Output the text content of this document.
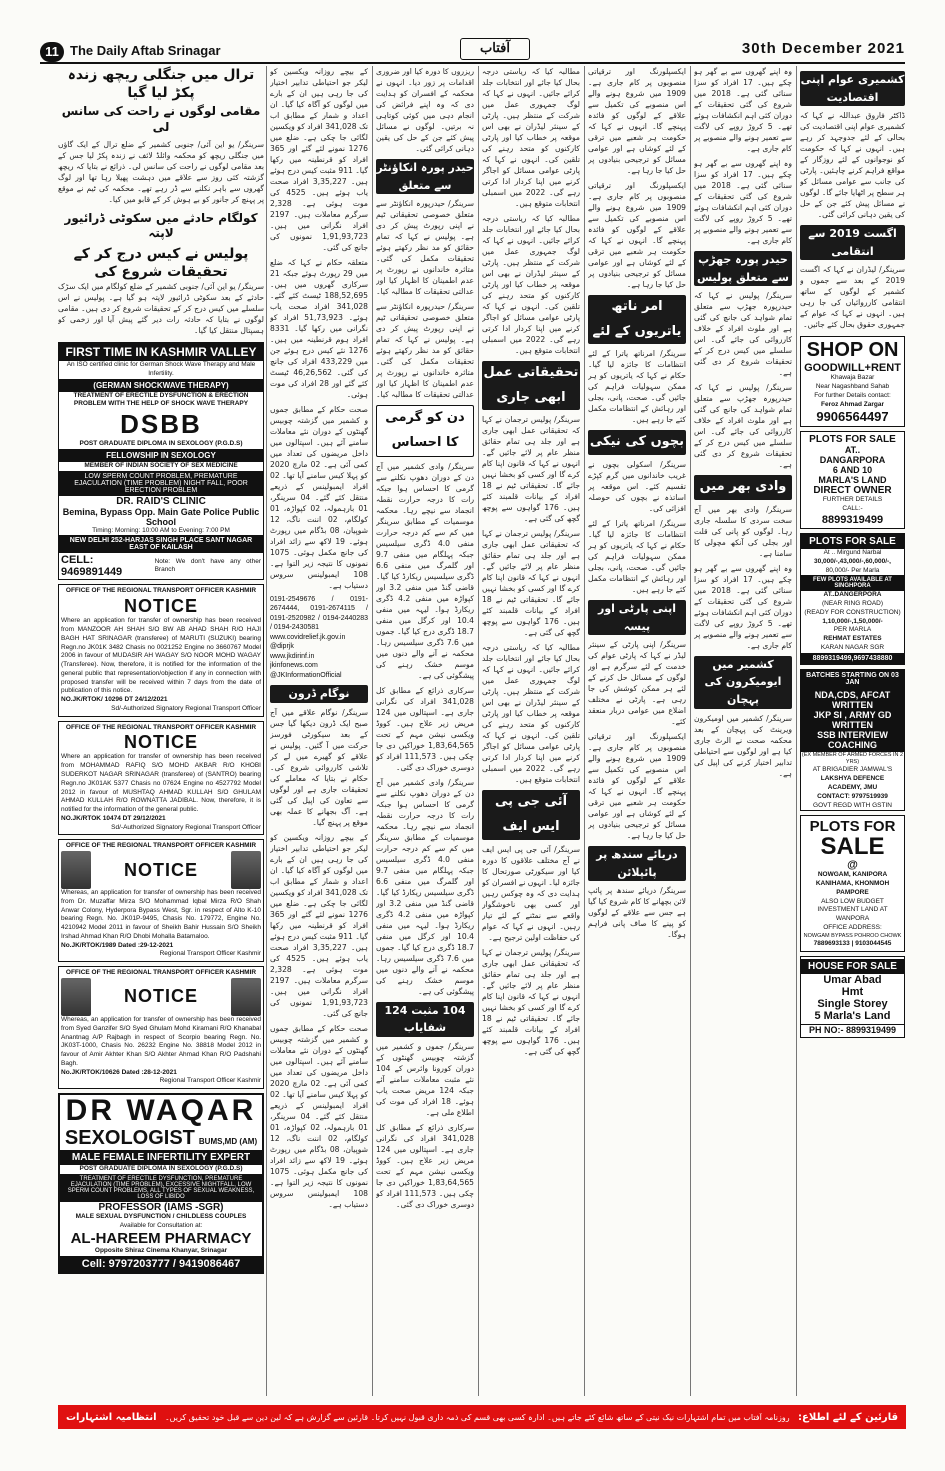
11 The Daily Aftab Srinagar	آفتاب	30th December 2021
ترال میں جنگلی ریچھ زندہ پکڑ لیا گیا
مقامی لوگوں نے راحت کی سانس لی
سرینگر/ یو این آئی/ جنوبی کشمیر کے ضلع ترال کے ایک گاؤں میں جنگلی ریچھ کو محکمہ وائلڈ لائف نے زندہ پکڑ لیا جس کے بعد مقامی لوگوں نے راحت کی سانس لی۔ ذرائع نے بتایا کہ ریچھ گزشتہ کئی روز سے علاقے میں دہشت پھیلا رہا تھا اور لوگ گھروں سے باہر نکلنے سے ڈر رہے تھے۔ محکمہ کی ٹیم نے موقع پر پہنچ کر جانور کو بے ہوش کر کے قابو میں کیا۔
کولگام حادثے میں سکوٹی ڈرائیور لاپتہ
پولیس نے کیس درج کر کے تحقیقات شروع کی
سرینگر/ یو این آئی/ جنوبی کشمیر کے ضلع کولگام میں ایک سڑک حادثے کے بعد سکوٹی ڈرائیور لاپتہ ہو گیا ہے۔ پولیس نے اس سلسلے میں کیس درج کر کے تحقیقات شروع کر دی ہیں۔ مقامی لوگوں نے بتایا کہ حادثہ رات دیر گئے پیش آیا اور زخمی کو ہسپتال منتقل کیا گیا۔
FIRST TIME IN KASHMIR VALLEY
An ISO certified clinic for German Shock Wave Therapy and Male Infertility.
(GERMAN SHOCKWAVE THERAPY)
TREATMENT OF ERECTILE DYSFUNCTION & ERECTION PROBLEM WITH THE HELP OF SHOCK WAVE THERAPY
DSBB
POST GRADUATE DIPLOMA IN SEXOLOGY (P.G.D.S)
FELLOWSHIP IN SEXOLOGY
MEMBER OF INDIAN SOCIETY OF SEX MEDICINE
LOW SPERM COUNT PROBLEM, PREMATURE EJACULATION (TIME PROBLEM) NIGHT FALL, POOR ERECTION PROBLEM
DR. RAID'S CLINIC
Bemina, Bypass Opp. Main Gate Police Public School
Timing: Morning: 10:00 AM to Evening: 7:00 PM
NEW DELHI 252-HARJAS SINGH PLACE SANT NAGAR EAST OF KAILASH
CELL: 9469891449
Note: We don't have any other Branch
OFFICE OF THE REGIONAL TRANSPORT OFFICER KASHMIR
NOTICE
Where an application for transfer of ownership has been received from MANZOOR AH SHAH S/O BW AB AHAD SHAH R/O HAJI BAGH HAT SRINAGAR (transferee) of MARUTI (SUZUKI) bearing Regn.no JK01K 3482 Chasis no 0021252 Engine no 3660767 Model 2006 in favour of MUDASIR AH WAGAY S/O NOOR MOHD WAGAY (Transferee). Now, therefore, it is notified for the information of the general public that representation/objection if any in connection with proposed transfer will be received within 7 days from the date of publication of this notice.
NO.JK/RTOK/ 10296 DT 24/12/2021
Sd/-Authorized Signatory Regional Transport Officer
OFFICE OF THE REGIONAL TRANSPORT OFFICER KASHMIR
NOTICE
Where an application for transfer of ownership has been received from MOHAMMAD RAFIQ S/O MOHD AKBAR R/O KHOBI SUDERKOT NAGAR SRINAGAR (transferee) of (SANTRO) bearing Regn.no JK01AK 5377 Chasis no 07624 Engine no 4527792 Model 2012 in favour of MUSHTAQ AHMAD KULLAH S/O GHULAM AHMAD KULLAH R/O ROWNATTA JADIBAL. Now, therefore, it is notified for the information of the general public.
NO.JK/RTOK 10474 DT 29/12/2021
Sd/-Authorized Signatory Regional Transport Officer
OFFICE OF THE REGIONAL TRANSPORT OFFICER KASHMIR
NOTICE
Whereas, an application for transfer of ownership has been received from Dr. Muzaffar Mirza S/O Mohammad Iqbal Mirza R/O Shah Anwar Colony, Hyderpora Bypass West, Sgr. in respect of Alto K-10 bearing Regn. No. JK01P-9495, Chasis No. 179772, Engine No. 4210942 Model 2011 in favour of Sheikh Bahir Hussain S/O Sheikh Irshad Ahmad Khan R/O Dhobi Mohalla Batamaloo.
No.JK/RTOK/1989 Dated :29-12-2021
Regional Transport Officer Kashmir
OFFICE OF THE REGIONAL TRANSPORT OFFICER KASHMIR
NOTICE
Whereas, an application for transfer of ownership has been received from Syed Ganzifer S/O Syed Ghulam Mohd Kiramani R/O Khanabal Anantnag A/P Rajbagh in respect of Scorpio bearing Regn. No. JK03T-1000, Chasis No. 26232 Engine No. 38818 Model 2012 in favour of Amir Akhter Khan S/O Akhter Ahmad Khan R/O Padshahi Bagh.
No.JK/RTOK/10626 Dated :28-12-2021
Regional Transport Officer Kashmir
DR WAQAR
SEXOLOGIST BUMS,MD (AM)
MALE FEMALE INFERTILITY EXPERT
POST GRADUATE DIPLOMA IN SEXOLOGY (P.G.D.S)
TREATMENT OF ERECTILE DYSFUNCTION, PREMATURE EJACULATION (TIME PROBLEM), EXCESSIVE NIGHTFALL, LOW SPERM COUNT PROBLEMS, ALL TYPES OF SEXUAL WEAKNESS, LOSS OF LIBIDO
PROFESSOR (IAMS -SGR)
MALE SEXUAL DYSFUNCTION / CHILDLESS COUPLES
Available for Consultation at:
AL-HAREEM PHARMACY
Opposite Shiraz Cinema Khanyar, Srinagar
Cell: 9797203777 / 9419086467
کے بیچے روزانہ ویکسین کو لیکر جو احتیاطی تدابیر اختیار کی جا رہی ہیں ان کے بارے میں لوگوں کو آگاہ کیا گیا۔ ان اعداد و شمار کے مطابق اب تک 341,028 افراد کو ویکسین لگائی جا چکی ہے۔ ضلع میں 1276 نمونے لئے گئے اور 365 افراد کو قرنطینہ میں رکھا گیا۔ 911 مثبت کیس درج ہوئے ہیں۔ 3,35,227 افراد صحت یاب ہوئے ہیں۔ 4525 کی موت ہوئی ہے۔ 2,328 سرگرم معاملات ہیں۔ 2197 افراد نگرانی میں ہیں۔ 1,91,93,723 نمونوں کی جانچ کی گئی۔
متعلقہ حکام نے کہا کہ ضلع میں 29 رپورٹ ہوئے جبکہ 21 سرکاری گھروں میں ہیں۔ 188,52,695 ٹیسٹ کئے گئے۔ 341,028 افراد صحت یاب ہوئے۔ 51,73,923 افراد کو نگرانی میں رکھا گیا۔ 8331 افراد ہوم قرنطینہ میں ہیں۔ 1276 نئے کیس درج ہوئے جن میں 433,229 افراد کی جانچ کی گئی۔ 46,26,562 ٹیسٹ کئے گئے اور 28 افراد کی موت ہوئی۔
صحت حکام کے مطابق جموں و کشمیر میں گزشتہ چوبیس گھنٹوں کے دوران نئے معاملات سامنے آئے ہیں۔ اسپتالوں میں داخل مریضوں کی تعداد میں کمی آئی ہے۔ 02 مارچ 2020 کو پہلا کیس سامنے آیا تھا۔ 02 افراد ایمبولینس کے ذریعے منتقل کئے گئے۔ 04 سرینگر، 01 بارہمولہ، 02 کپواڑہ، 01 کولگام، 02 اننت ناگ، 12 شوپیان، 08 بڈگام میں رپورٹ ہوئے۔ 19 لاکھ سے زائد افراد کی جانچ مکمل ہوئی۔ 1075 نمونوں کا نتیجہ زیر التوا ہے۔ 108 ایمبولینس سروس دستیاب ہے۔
0191-2549676 / 0191-2674444, 0191-2674115 / 0191-2520982 / 0194-2440283 / 0194-2430581
www.covidrelief.jk.gov.in
@diprjk
www.jkdirinf.in
jkinfonews.com
@JKInformationOfficial
نوگام ڈرون
سرینگر/ نوگام علاقے میں آج صبح ایک ڈرون دیکھا گیا جس کے بعد سیکورٹی فورسز حرکت میں آ گئیں۔ پولیس نے علاقے کو گھیرے میں لے کر تلاشی کارروائی شروع کی۔ حکام نے بتایا کہ معاملے کی تحقیقات جاری ہے اور لوگوں سے تعاون کی اپیل کی گئی ہے۔ آگ بجھانے کا عملہ بھی موقع پر پہنچ گیا۔
کے بیچے روزانہ ویکسین کو لیکر جو احتیاطی تدابیر اختیار کی جا رہی ہیں ان کے بارے میں لوگوں کو آگاہ کیا گیا۔ ان اعداد و شمار کے مطابق اب تک 341,028 افراد کو ویکسین لگائی جا چکی ہے۔ ضلع میں 1276 نمونے لئے گئے اور 365 افراد کو قرنطینہ میں رکھا گیا۔ 911 مثبت کیس درج ہوئے ہیں۔ 3,35,227 افراد صحت یاب ہوئے ہیں۔ 4525 کی موت ہوئی ہے۔ 2,328 سرگرم معاملات ہیں۔ 2197 افراد نگرانی میں ہیں۔ 1,91,93,723 نمونوں کی جانچ کی گئی۔
صحت حکام کے مطابق جموں و کشمیر میں گزشتہ چوبیس گھنٹوں کے دوران نئے معاملات سامنے آئے ہیں۔ اسپتالوں میں داخل مریضوں کی تعداد میں کمی آئی ہے۔ 02 مارچ 2020 کو پہلا کیس سامنے آیا تھا۔ 02 افراد ایمبولینس کے ذریعے منتقل کئے گئے۔ 04 سرینگر، 01 بارہمولہ، 02 کپواڑہ، 01 کولگام، 02 اننت ناگ، 12 شوپیان، 08 بڈگام میں رپورٹ ہوئے۔ 19 لاکھ سے زائد افراد کی جانچ مکمل ہوئی۔ 1075 نمونوں کا نتیجہ زیر التوا ہے۔ 108 ایمبولینس سروس دستیاب ہے۔
ریزروں کا دورہ کیا اور ضروری اقدامات پر زور دیا۔ انہوں نے محکمہ کے افسران کو ہدایت دی کہ وہ اپنے فرائض کی انجام دہی میں کوئی کوتاہی نہ برتیں۔ لوگوں نے مسائل پیش کئے جن کے حل کی یقین دہانی کرائی گئی۔
حیدر پورہ انکاؤنٹر سے متعلق
سرینگر/ حیدرپورہ انکاؤنٹر سے متعلق خصوصی تحقیقاتی ٹیم نے اپنی رپورٹ پیش کر دی ہے۔ پولیس نے کہا کہ تمام حقائق کو مد نظر رکھتے ہوئے تحقیقات مکمل کی گئی۔ متاثرہ خاندانوں نے رپورٹ پر عدم اطمینان کا اظہار کیا اور عدالتی تحقیقات کا مطالبہ کیا۔
سرینگر/ حیدرپورہ انکاؤنٹر سے متعلق خصوصی تحقیقاتی ٹیم نے اپنی رپورٹ پیش کر دی ہے۔ پولیس نے کہا کہ تمام حقائق کو مد نظر رکھتے ہوئے تحقیقات مکمل کی گئی۔ متاثرہ خاندانوں نے رپورٹ پر عدم اطمینان کا اظہار کیا اور عدالتی تحقیقات کا مطالبہ کیا۔
دن کو گرمی کا احساس
سرینگر/ وادی کشمیر میں آج دن کے دوران دھوپ نکلنے سے گرمی کا احساس ہوا جبکہ رات کا درجہ حرارت نقطہ انجماد سے نیچے رہا۔ محکمہ موسمیات کے مطابق سرینگر میں کم سے کم درجہ حرارت منفی 4.0 ڈگری سیلسیس جبکہ پہلگام میں منفی 9.7 اور گلمرگ میں منفی 6.6 ڈگری سیلسیس ریکارڈ کیا گیا۔ قاضی گنڈ میں منفی 3.2 اور کپواڑہ میں منفی 4.2 ڈگری ریکارڈ ہوا۔ لیہہ میں منفی 10.4 اور کرگل میں منفی 18.7 ڈگری درج کیا گیا۔ جموں میں 7.6 ڈگری سیلسیس رہا۔ محکمہ نے آنے والے دنوں میں موسم خشک رہنے کی پیشگوئی کی ہے۔
سرکاری ذرائع کے مطابق کل 341,028 افراد کی نگرانی جاری ہے۔ اسپتالوں میں 124 مریض زیر علاج ہیں۔ کووڈ ویکسی نیشن مہم کے تحت 1,83,64,565 خوراکیں دی جا چکی ہیں۔ 111,573 افراد کو دوسری خوراک دی گئی۔
سرینگر/ وادی کشمیر میں آج دن کے دوران دھوپ نکلنے سے گرمی کا احساس ہوا جبکہ رات کا درجہ حرارت نقطہ انجماد سے نیچے رہا۔ محکمہ موسمیات کے مطابق سرینگر میں کم سے کم درجہ حرارت منفی 4.0 ڈگری سیلسیس جبکہ پہلگام میں منفی 9.7 اور گلمرگ میں منفی 6.6 ڈگری سیلسیس ریکارڈ کیا گیا۔ قاضی گنڈ میں منفی 3.2 اور کپواڑہ میں منفی 4.2 ڈگری ریکارڈ ہوا۔ لیہہ میں منفی 10.4 اور کرگل میں منفی 18.7 ڈگری درج کیا گیا۔ جموں میں 7.6 ڈگری سیلسیس رہا۔ محکمہ نے آنے والے دنوں میں موسم خشک رہنے کی پیشگوئی کی ہے۔
104 مثبت 124 شفایاب
سرینگر/ جموں و کشمیر میں گزشتہ چوبیس گھنٹوں کے دوران کورونا وائرس کے 104 نئے مثبت معاملات سامنے آئے جبکہ 124 مریض صحت یاب ہوئے۔ 18 افراد کی موت کی اطلاع ملی ہے۔
سرکاری ذرائع کے مطابق کل 341,028 افراد کی نگرانی جاری ہے۔ اسپتالوں میں 124 مریض زیر علاج ہیں۔ کووڈ ویکسی نیشن مہم کے تحت 1,83,64,565 خوراکیں دی جا چکی ہیں۔ 111,573 افراد کو دوسری خوراک دی گئی۔
مطالبہ کیا کہ ریاستی درجہ بحال کیا جائے اور انتخابات جلد کرائے جائیں۔ انہوں نے کہا کہ لوگ جمہوری عمل میں شرکت کے منتظر ہیں۔ پارٹی کے سینئر لیڈران نے بھی اس موقعہ پر خطاب کیا اور پارٹی کارکنوں کو متحد رہنے کی تلقین کی۔ انہوں نے کہا کہ پارٹی عوامی مسائل کو اجاگر کرنے میں اپنا کردار ادا کرتی رہے گی۔ 2022 میں اسمبلی انتخابات متوقع ہیں۔
مطالبہ کیا کہ ریاستی درجہ بحال کیا جائے اور انتخابات جلد کرائے جائیں۔ انہوں نے کہا کہ لوگ جمہوری عمل میں شرکت کے منتظر ہیں۔ پارٹی کے سینئر لیڈران نے بھی اس موقعہ پر خطاب کیا اور پارٹی کارکنوں کو متحد رہنے کی تلقین کی۔ انہوں نے کہا کہ پارٹی عوامی مسائل کو اجاگر کرنے میں اپنا کردار ادا کرتی رہے گی۔ 2022 میں اسمبلی انتخابات متوقع ہیں۔
تحقیقاتی عمل ابھی جاری
سرینگر/ پولیس ترجمان نے کہا کہ تحقیقاتی عمل ابھی جاری ہے اور جلد ہی تمام حقائق منظر عام پر لائے جائیں گے۔ انہوں نے کہا کہ قانون اپنا کام کرے گا اور کسی کو بخشا نہیں جائے گا۔ تحقیقاتی ٹیم نے 18 افراد کے بیانات قلمبند کئے ہیں۔ 176 گواہوں سے پوچھ گچھ کی گئی ہے۔
سرینگر/ پولیس ترجمان نے کہا کہ تحقیقاتی عمل ابھی جاری ہے اور جلد ہی تمام حقائق منظر عام پر لائے جائیں گے۔ انہوں نے کہا کہ قانون اپنا کام کرے گا اور کسی کو بخشا نہیں جائے گا۔ تحقیقاتی ٹیم نے 18 افراد کے بیانات قلمبند کئے ہیں۔ 176 گواہوں سے پوچھ گچھ کی گئی ہے۔
مطالبہ کیا کہ ریاستی درجہ بحال کیا جائے اور انتخابات جلد کرائے جائیں۔ انہوں نے کہا کہ لوگ جمہوری عمل میں شرکت کے منتظر ہیں۔ پارٹی کے سینئر لیڈران نے بھی اس موقعہ پر خطاب کیا اور پارٹی کارکنوں کو متحد رہنے کی تلقین کی۔ انہوں نے کہا کہ پارٹی عوامی مسائل کو اجاگر کرنے میں اپنا کردار ادا کرتی رہے گی۔ 2022 میں اسمبلی انتخابات متوقع ہیں۔
آئی جی پی ایس ایف
سرینگر/ آئی جی پی ایس ایف نے آج مختلف علاقوں کا دورہ کیا اور سیکورٹی صورتحال کا جائزہ لیا۔ انہوں نے افسران کو ہدایت دی کہ وہ چوکس رہیں اور کسی بھی ناخوشگوار واقعے سے نمٹنے کے لئے تیار رہیں۔ انہوں نے کہا کہ عوام کی حفاظت اولین ترجیح ہے۔
سرینگر/ پولیس ترجمان نے کہا کہ تحقیقاتی عمل ابھی جاری ہے اور جلد ہی تمام حقائق منظر عام پر لائے جائیں گے۔ انہوں نے کہا کہ قانون اپنا کام کرے گا اور کسی کو بخشا نہیں جائے گا۔ تحقیقاتی ٹیم نے 18 افراد کے بیانات قلمبند کئے ہیں۔ 176 گواہوں سے پوچھ گچھ کی گئی ہے۔
ایکسپلورنگ اور ترقیاتی منصوبوں پر کام جاری ہے۔ 1909 میں شروع ہونے والے اس منصوبے کی تکمیل سے علاقے کے لوگوں کو فائدہ پہنچے گا۔ انہوں نے کہا کہ حکومت ہر شعبے میں ترقی کے لئے کوشاں ہے اور عوامی مسائل کو ترجیحی بنیادوں پر حل کیا جا رہا ہے۔
ایکسپلورنگ اور ترقیاتی منصوبوں پر کام جاری ہے۔ 1909 میں شروع ہونے والے اس منصوبے کی تکمیل سے علاقے کے لوگوں کو فائدہ پہنچے گا۔ انہوں نے کہا کہ حکومت ہر شعبے میں ترقی کے لئے کوشاں ہے اور عوامی مسائل کو ترجیحی بنیادوں پر حل کیا جا رہا ہے۔
امر ناتھ یاتریوں کے لئے
سرینگر/ امرناتھ یاترا کے لئے انتظامات کا جائزہ لیا گیا۔ حکام نے کہا کہ یاتریوں کو ہر ممکن سہولیات فراہم کی جائیں گی۔ صحت، پانی، بجلی اور رہائش کے انتظامات مکمل کئے جا رہے ہیں۔
بچوں کی نیکی
سرینگر/ اسکولی بچوں نے غریب خاندانوں میں گرم کپڑے تقسیم کئے۔ اس موقعہ پر اساتذہ نے بچوں کی حوصلہ افزائی کی۔
سرینگر/ امرناتھ یاترا کے لئے انتظامات کا جائزہ لیا گیا۔ حکام نے کہا کہ یاتریوں کو ہر ممکن سہولیات فراہم کی جائیں گی۔ صحت، پانی، بجلی اور رہائش کے انتظامات مکمل کئے جا رہے ہیں۔
اپنی پارٹی اور پیسہ
سرینگر/ اپنی پارٹی کے سینئر لیڈر نے کہا کہ پارٹی عوام کی خدمت کے لئے سرگرم ہے اور لوگوں کے مسائل حل کرنے کے لئے ہر ممکن کوشش کی جا رہی ہے۔ پارٹی نے مختلف اضلاع میں عوامی دربار منعقد کئے۔
ایکسپلورنگ اور ترقیاتی منصوبوں پر کام جاری ہے۔ 1909 میں شروع ہونے والے اس منصوبے کی تکمیل سے علاقے کے لوگوں کو فائدہ پہنچے گا۔ انہوں نے کہا کہ حکومت ہر شعبے میں ترقی کے لئے کوشاں ہے اور عوامی مسائل کو ترجیحی بنیادوں پر حل کیا جا رہا ہے۔
دریائے سندھ پر پائپلائن
سرینگر/ دریائے سندھ پر پائپ لائن بچھانے کا کام شروع کیا گیا ہے جس سے علاقے کے لوگوں کو پینے کا صاف پانی فراہم ہوگا۔
وہ اپنے گھروں سے بے گھر ہو چکے ہیں۔ 17 افراد کو سزا سنائی گئی ہے۔ 2018 میں شروع کی گئی تحقیقات کے دوران کئی اہم انکشافات ہوئے تھے۔ 5 کروڑ روپے کی لاگت سے تعمیر ہونے والے منصوبے پر کام جاری ہے۔
وہ اپنے گھروں سے بے گھر ہو چکے ہیں۔ 17 افراد کو سزا سنائی گئی ہے۔ 2018 میں شروع کی گئی تحقیقات کے دوران کئی اہم انکشافات ہوئے تھے۔ 5 کروڑ روپے کی لاگت سے تعمیر ہونے والے منصوبے پر کام جاری ہے۔
حیدر پورہ جھڑپ سے متعلق پولیس
سرینگر/ پولیس نے کہا کہ حیدرپورہ جھڑپ سے متعلق تمام شواہد کی جانچ کی گئی ہے اور ملوث افراد کے خلاف کارروائی کی جائے گی۔ اس سلسلے میں کیس درج کر کے تحقیقات شروع کر دی گئی ہے۔
سرینگر/ پولیس نے کہا کہ حیدرپورہ جھڑپ سے متعلق تمام شواہد کی جانچ کی گئی ہے اور ملوث افراد کے خلاف کارروائی کی جائے گی۔ اس سلسلے میں کیس درج کر کے تحقیقات شروع کر دی گئی ہے۔
وادی بھر میں
سرینگر/ وادی بھر میں آج سخت سردی کا سلسلہ جاری رہا۔ لوگوں کو پانی کی قلت اور بجلی کی آنکھ مچولی کا سامنا ہے۔
وہ اپنے گھروں سے بے گھر ہو چکے ہیں۔ 17 افراد کو سزا سنائی گئی ہے۔ 2018 میں شروع کی گئی تحقیقات کے دوران کئی اہم انکشافات ہوئے تھے۔ 5 کروڑ روپے کی لاگت سے تعمیر ہونے والے منصوبے پر کام جاری ہے۔
کشمیر میں ایومیکرون کی پہچان
سرینگر/ کشمیر میں اومیکرون ویرینٹ کی پہچان کے بعد محکمہ صحت نے الرٹ جاری کیا ہے اور لوگوں سے احتیاطی تدابیر اختیار کرنے کی اپیل کی ہے۔
کشمیری عوام اپنی اقتصادیت
ڈاکٹر فاروق عبداللہ نے کہا کہ کشمیری عوام اپنی اقتصادیت کی بحالی کے لئے جدوجہد کر رہے ہیں۔ انہوں نے کہا کہ حکومت کو نوجوانوں کے لئے روزگار کے مواقع فراہم کرنے چاہئیں۔ پارٹی کی جانب سے عوامی مسائل کو ہر سطح پر اٹھایا جائے گا۔ لوگوں نے مسائل پیش کئے جن کے حل کی یقین دہانی کرائی گئی۔
اگست 2019 سے انتقامی
سرینگر/ لیڈران نے کہا کہ اگست 2019 کے بعد سے جموں و کشمیر کے لوگوں کے ساتھ انتقامی کارروائیاں کی جا رہی ہیں۔ انہوں نے کہا کہ عوام کے جمہوری حقوق بحال کئے جائیں۔
SHOP ON
GOODWILL+RENT
Khawaja Bazar
Near Nagashband Sahab
For further Details contact:
Feroz Ahmad Zargar
9906564497
PLOTS FOR SALE
AT..
DANGARPORA
6 AND 10
MARLA'S LAND
DIRECT OWNER
FURTHER DETAILS
CALL:-
8899319499
PLOTS FOR SALE
At .. Mirgund Narbal
30,000/-,43,000/-,60,000/-,
80,000/- Per Marla
FEW PLOTS AVAILABLE AT SINGHPORA
AT..DANGERPORA
(NEAR RING ROAD)
(READY FOR CONSTRUCTION)
1,10,000/-,1,50,000/-
PER MARLA
REHMAT ESTATES
KARAN NAGAR SGR
8899319499,9697438880
BATCHES STARTING ON 03 JAN
NDA,CDS, AFCAT WRITTEN
JKP SI , ARMY GD WRITTEN
SSB INTERVIEW COACHING
(EX MEMBER OF ARMED FORCES IN 2 YRS)
AT BRIGADIER JAMWAL'S
LAKSHYA DEFENCE
ACADEMY, JMU
CONTACT: 9797519939
GOVT REGD WITH GSTIN
PLOTS FOR
SALE
@
NOWGAM, KANIPORA
KANIHAMA, KHONMOH
PAMPORE
ALSO LOW BUDGET
INVESTMENT LAND AT WANPORA
OFFICE ADDRESS:
NOWGAM BYPASS POHROO CHOWK
7889693133 | 9103044545
HOUSE FOR SALE
Umar Abad
Hmt
Single Storey
5 Marla's Land
PH NO:- 8899319499
قارئین کے لئے اطلاع:
روزنامہ آفتاب میں تمام اشتہارات نیک نیتی کے ساتھ شائع کئے جاتے ہیں۔ ادارہ کسی بھی قسم کی ذمہ داری قبول نہیں کرتا۔ قارئین سے گزارش ہے کہ لین دین سے قبل خود تحقیق کریں۔
انتظامیہ اشتہارات
